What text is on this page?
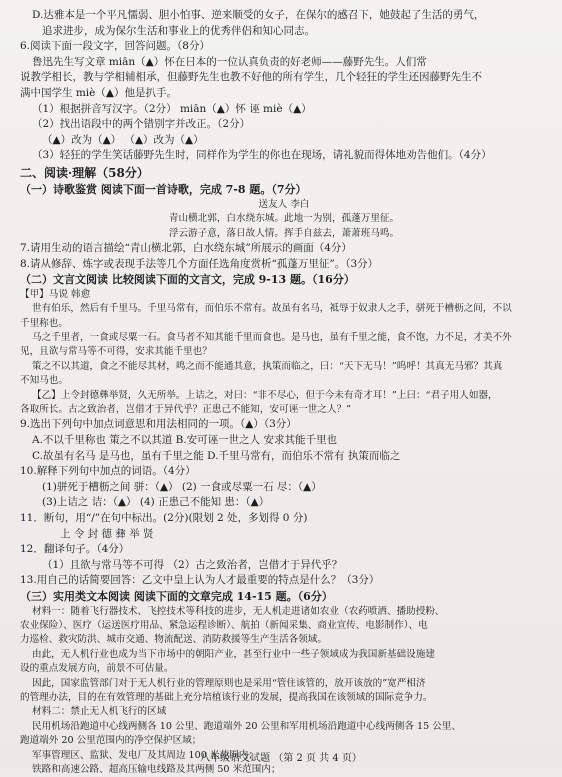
D.达雅本是一个平凡懦弱、胆小怕事、逆来顺受的女子，在保尔的感召下，她鼓起了生活的勇气，
追求进步，成为保尔生活和事业上的优秀伴侣和知心同志。
6.阅读下面一段文字，回答问题。（8分）
鲁迅先生写文章 miān（▲）怀在日本的一位认真负责的好老师——藤野先生。人们常
说教学相长，教与学相辅相承，但藤野先生也教不好他的所有学生，几个轻狂的学生还因藤野先生不
满中国学生 miè（▲）他是扒手。
（1）根据拼音写汉字。（2分） miān（▲）怀 诬 miè（▲）
（2）找出语段中的两个错别字并改正。（2分）
（▲）改为（▲） （▲）改为（▲）
（3）轻狂的学生笑话藤野先生时，同样作为学生的你也在现场，请礼貌而得体地劝告他们。（4分）
二、阅读·理解（58分）
（一）诗歌鉴赏 阅读下面一首诗歌，完成 7-8 题。（7分）
送友人 李白
青山横北郭，白水绕东城。此地一为别，孤蓬万里征。
浮云游子意，落日故人情。挥手自兹去，萧萧班马鸣。
7.请用生动的语言描绘“青山横北郭，白水绕东城”所展示的画面（4分）
8.请从修辞、炼字或表现手法等几个方面任选角度赏析“孤蓬万里征”。（3分）
（二）文言文阅读 比较阅读下面的文言文，完成 9-13 题。（16分）
【甲】马说 韩愈
世有伯乐，然后有千里马。千里马常有，而伯乐不常有。故虽有名马，祗辱于奴隶人之手，骈死于槽枥之间，不以
千里称也。
马之千里者，一食或尽粟一石。食马者不知其能千里而食也。是马也，虽有千里之能，食不饱，力不足，才美不外
见，且欲与常马等不可得，安求其能千里也？
策之不以其道，食之不能尽其材，鸣之而不能通其意，执策而临之，曰：“天下无马！”呜呼！其真无马邪？其真
不知马也。
【乙】上令封德彝举贤，久无所举。上诘之，对曰：“非不尽心，但于今未有奇才耳！”上曰：“君子用人如器，
各取所长。古之致治者，岂借才于异代乎？正患己不能知，安可诬一世之人？”
9.选出下列句中加点词意思和用法相同的一项。（▲）（3分）
A.不以千里称也 策之不以其道 B.安可诬一世之人 安求其能千里也
C.故虽有名马 是马也，虽有千里之能 D.千里马常有，而伯乐不常有 执策而临之
10.解释下列句中加点的词语。（4分）
(1)骈死于槽枥之间 骈：（▲） (2) 一食或尽粟一石 尽：（▲）
(3)上诘之 诘：（▲） (4) 正患己不能知 患：（▲）
11．断句，用“/”在句中标出。(2分)(限划 2 处，多划得 0 分)
上 令 封 德 彝 举 贤
12．翻译句子。（4分）
（1）且欲与常马等不可得 （2）古之致治者，岂借才于异代乎？
13.用自己的话简要回答：乙文中皇上认为人才最重要的特点是什么？（3分）
（三）实用类文本阅读 阅读下面的文章完成 14-15 题。（6分）
材料一：随着飞行器技术、飞控技术等科技的进步，无人机走进诸如农业（农药喷洒、播助授粉、
农业保险）、医疗（运送医疗用品、紧急运程诊断）、航拍（新闻采集、商业宣传、电影制作）、电
力巡检、救灾防洪、城市交通、物流配送、消防救援等生产生活各领域。
由此，无人机行业也成为当下市场中的朝阳产业，甚至行业中一些子领域成为我国新基础设施建
设的重点发展方向，前景不可估量。
因此，国家监管部门对于无人机行业的管理原则也是采用“管住该管的，放开该放的”宽严相济
的管理办法，目的在有效管理的基础上充分培植该行业的发展，提高我国在该领域的国际竞争力。
材料二：禁止无人机飞行的区域
民用机场沿跑道中心线两侧各 10 公里、跑道端外 20 公里和军用机场沿跑道中心线两侧各 15 公里、
跑道端外 20 公里范围内的净空保护区域；
军事管理区、监狱、发电厂及其周边 100 米范围内；
铁路和高速公路、超高压输电线路及其两侧 50 米范围内；
八年级语文试题 （第 2 页 共 4 页）
